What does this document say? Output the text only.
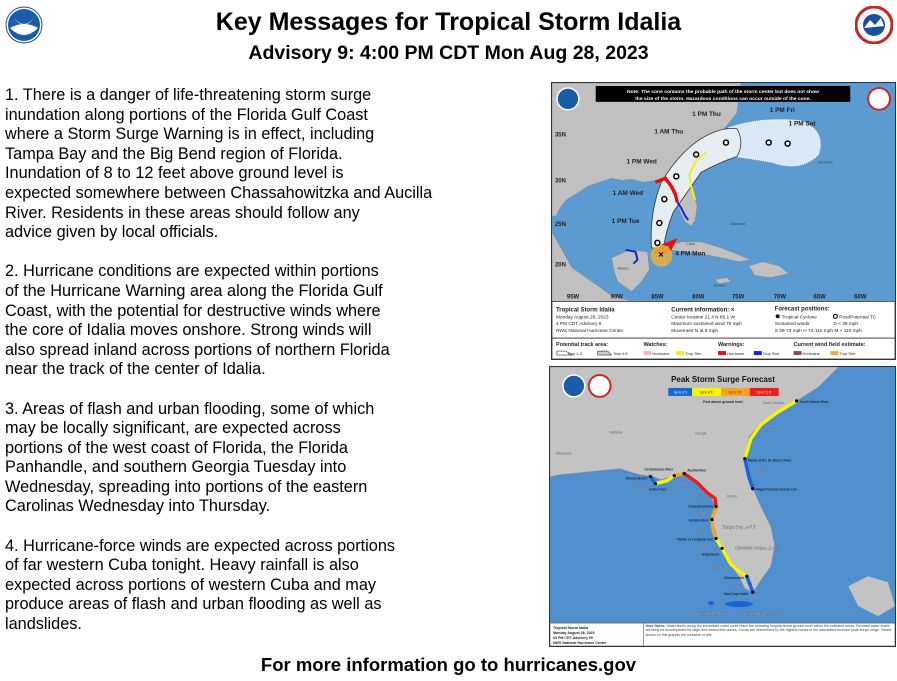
Key Messages for Tropical Storm Idalia
Advisory 9: 4:00 PM CDT Mon Aug 28, 2023
1. There is a danger of life-threatening storm surge
inundation along portions of the Florida Gulf Coast
where a Storm Surge Warning is in effect, including
Tampa Bay and the Big Bend region of Florida.
Inundation of 8 to 12 feet above ground level is
expected somewhere between Chassahowitzka and Aucilla
River. Residents in these areas should follow any
advice given by local officials.
2. Hurricane conditions are expected within portions
of the Hurricane Warning area along the Florida Gulf
Coast, with the potential for destructive winds where
the core of Idalia moves onshore. Strong winds will
also spread inland across portions of northern Florida
near the track of the center of Idalia.
3. Areas of flash and urban flooding, some of which
may be locally significant, are expected across
portions of the west coast of Florida, the Florida
Panhandle, and southern Georgia Tuesday into
Wednesday, spreading into portions of the eastern
Carolinas Wednesday into Thursday.
4. Hurricane-force winds are expected across portions
of far western Cuba tonight. Heavy rainfall is also
expected across portions of western Cuba and may
produce areas of flash and urban flooding as well as
landslides.
×
1 PM Thu
1 AM Thu
1 PM Wed
1 AM Wed
1 PM Tue
4 PM Mon
1 PM Fri
1 PM Sat
Cuba
Bahamas
Mexico
Bermuda
Jamaica
35N
30N
25N
20N
95W	90W	85W	80W	75W	70W	65W	60W
Note: The cone contains the probable path of the storm center but does not show
the size of the storm. Hazardous conditions can occur outside of the cone.
Tropical Storm Idalia
Monday August 28, 2023
4 PM CDT Advisory 9
NWS National Hurricane Center
Current information: ×
Center location 21.4 N 85.1 W
Maximum sustained wind 70 mph
Movement N at 8 mph
Forecast positions:
Tropical Cyclone	Post/Potential TC
Sustained winds:	D < 39 mph
S 39-73 mph H 74-110 mph M > 110 mph
Potential track area:
Day 1-3	Day 4-5
Watches:
Hurricane	Trop Stm
Warnings:
Hurricane	Trop Stm
Current wind field estimate:
Hurricane	Trop Stm
Alabama	Georgia
Mississippi
Florida
South Carolina	South Santee River
Mouth of the St. Mary's River
Flagler/Volusia County Line
Mexico Beach
Indian Pass
Ochlockonee River	Aucilla River
Chassahowitzka
Anclote River
Middle of Longboat Key
Englewood
Chokoloskee
East Cape Sable
2-4 ft
1-3 ft
1-3 ft
3-5 ft
5-8 ft
8-12 ft
6-9 ft
4-7 ft
3-5 ft
2-4 ft
1-3 ft
Tampa Bay...4-7 ft
Charlotte Harbor...2-4 ft
Dry Tortugas...1-2 ft	Florida Keys...1-2 ft
Peak Storm Surge Forecast
Up to 3 ft	Up to 6 ft	Up to 9 ft	Up to 12 ft
Feet above ground level
Tropical Storm Idalia
Monday August 28, 2023
04 PM CDT Advisory 09
NWS National Hurricane Center
User Notes: Water levels along the immediate coast could reach the following heights above ground level within the indicated areas. Elevated water levels will likely be accompanied by large and destructive waves. Colors are determined by the highest values in the associated forecast peak surge range. Values shown on this graphic are inclusive of tide.
For more information go to hurricanes.gov
